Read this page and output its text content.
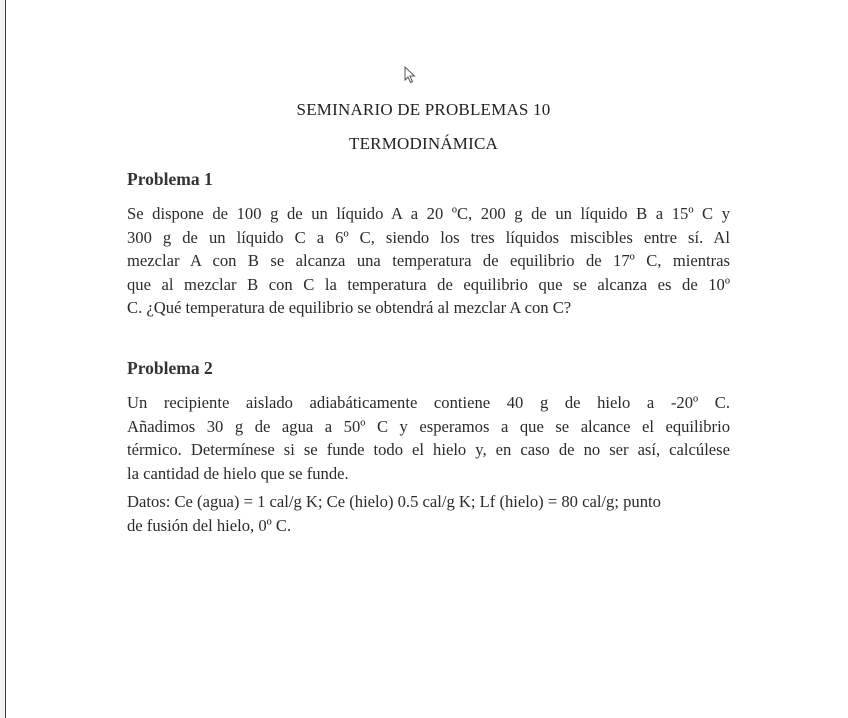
SEMINARIO DE PROBLEMAS 10
TERMODINÁMICA
Problema 1
Se dispone de 100 g de un líquido A a 20 ºC, 200 g de un líquido B a 15º C y
300 g de un líquido C a 6º C, siendo los tres líquidos miscibles entre sí. Al
mezclar A con B se alcanza una temperatura de equilibrio de 17º C, mientras
que al mezclar B con C la temperatura de equilibrio que se alcanza es de 10º
C. ¿Qué temperatura de equilibrio se obtendrá al mezclar A con C?
Problema 2
Un recipiente aislado adiabáticamente contiene 40 g de hielo a -20º C.
Añadimos 30 g de agua a 50º C y esperamos a que se alcance el equilibrio
térmico. Determínese si se funde todo el hielo y, en caso de no ser así, calcúlese
la cantidad de hielo que se funde.
Datos: Ce (agua) = 1 cal/g K; Ce (hielo) 0.5 cal/g K; Lf (hielo) = 80 cal/g; punto
de fusión del hielo, 0º C.
